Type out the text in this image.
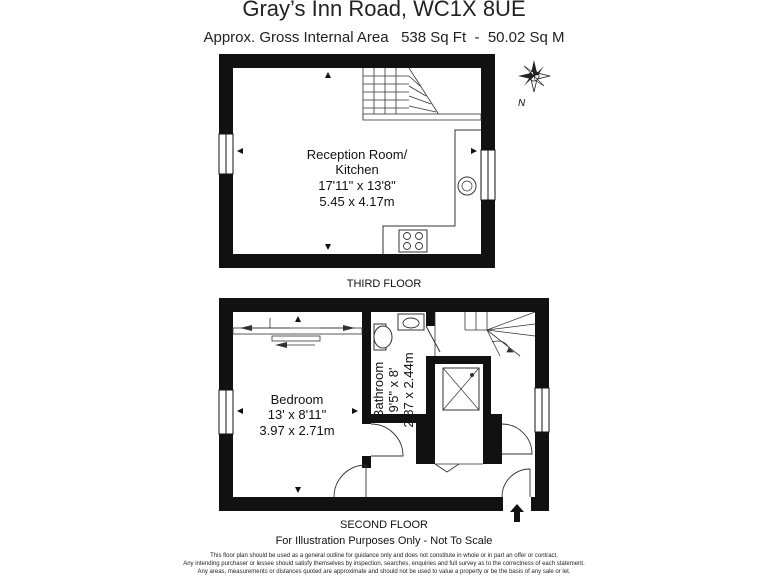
Gray’s Inn Road, WC1X 8UE
Approx. Gross Internal Area 538 Sq Ft - 50.02 Sq M
N
Reception Room/
Kitchen
17'11" x 13'8"
5.45 x 4.17m
Bedroom
13' x 8'11"
3.97 x 2.71m
Bathroom 9'5" x 8' 2.87 x 2.44m
THIRD FLOOR
SECOND FLOOR
For Illustration Purposes Only - Not To Scale
This floor plan should be used as a general outline for guidance only and does not constitute in whole or in part an offer or contract.
Any intending purchaser or lessee should satisfy themselves by inspection, searches, enquiries and full survey as to the correctness of each statement.
Any areas, measurements or distances quoted are approximate and should not be used to value a property or be the basis of any sale or let.
